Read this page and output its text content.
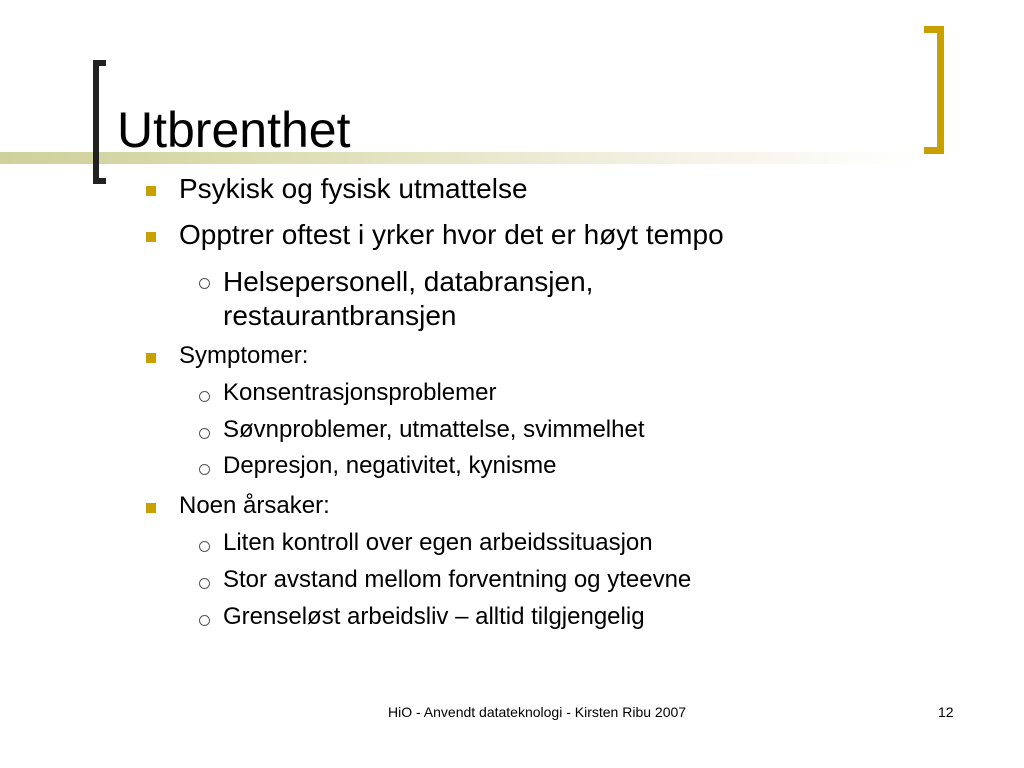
Utbrenthet
Psykisk og fysisk utmattelse
Opptrer oftest i yrker hvor det er høyt tempo
Helsepersonell, databransjen,
restaurantbransjen
Symptomer:
Konsentrasjonsproblemer
Søvnproblemer, utmattelse, svimmelhet
Depresjon, negativitet, kynisme
Noen årsaker:
Liten kontroll over egen arbeidssituasjon
Stor avstand mellom forventning og yteevne
Grenseløst arbeidsliv – alltid tilgjengelig
HiO - Anvendt datateknologi - Kirsten Ribu 2007	12
